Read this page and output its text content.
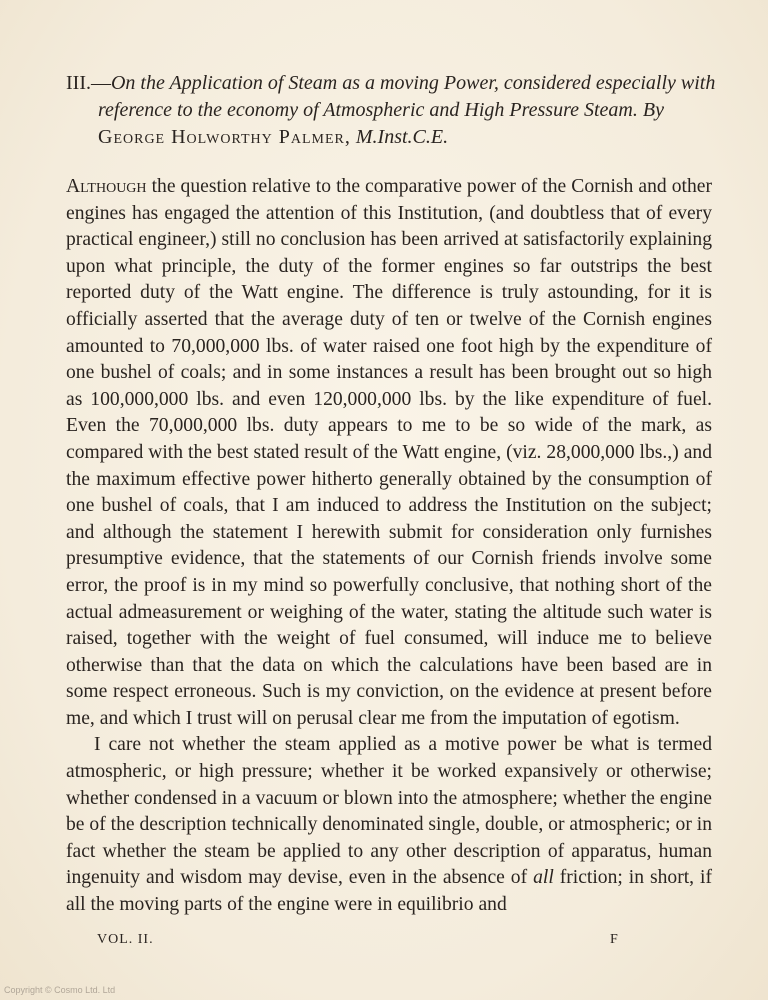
III.—On the Application of Steam as a moving Power, considered especially with
reference to the economy of Atmospheric and High Pressure Steam. By
George Holworthy Palmer, M.Inst.C.E.

Although the question relative to the comparative power of the Cornish and other engines has engaged the attention of this Institution, (and doubtless that of every practical engineer,) still no conclusion has been arrived at satisfactorily explaining upon what principle, the duty of the former engines so far outstrips the best reported duty of the Watt engine. The difference is truly astounding, for it is officially asserted that the average duty of ten or twelve of the Cornish engines amounted to 70,000,000 lbs. of water raised one foot high by the expenditure of one bushel of coals; and in some instances a result has been brought out so high as 100,000,000 lbs. and even 120,000,000 lbs. by the like expenditure of fuel. Even the 70,000,000 lbs. duty appears to me to be so wide of the mark, as compared with the best stated result of the Watt engine, (viz. 28,000,000 lbs.,) and the maximum effective power hitherto generally obtained by the consumption of one bushel of coals, that I am induced to address the Institution on the subject; and although the statement I herewith submit for consideration only furnishes presumptive evidence, that the statements of our Cornish friends involve some error, the proof is in my mind so powerfully conclusive, that nothing short of the actual admeasurement or weighing of the water, stating the altitude such water is raised, together with the weight of fuel consumed, will induce me to believe otherwise than that the data on which the calculations have been based are in some respect erroneous. Such is my conviction, on the evidence at present before me, and which I trust will on perusal clear me from the imputation of egotism.

I care not whether the steam applied as a motive power be what is termed atmospheric, or high pressure; whether it be worked expansively or otherwise; whether condensed in a vacuum or blown into the atmosphere; whether the engine be of the description technically denominated single, double, or atmospheric; or in fact whether the steam be applied to any other description of apparatus, human ingenuity and wisdom may devise, even in the absence of all friction; in short, if all the moving parts of the engine were in equilibrio and

VOL. II.	F
Copyright © Cosmo Ltd. Ltd
